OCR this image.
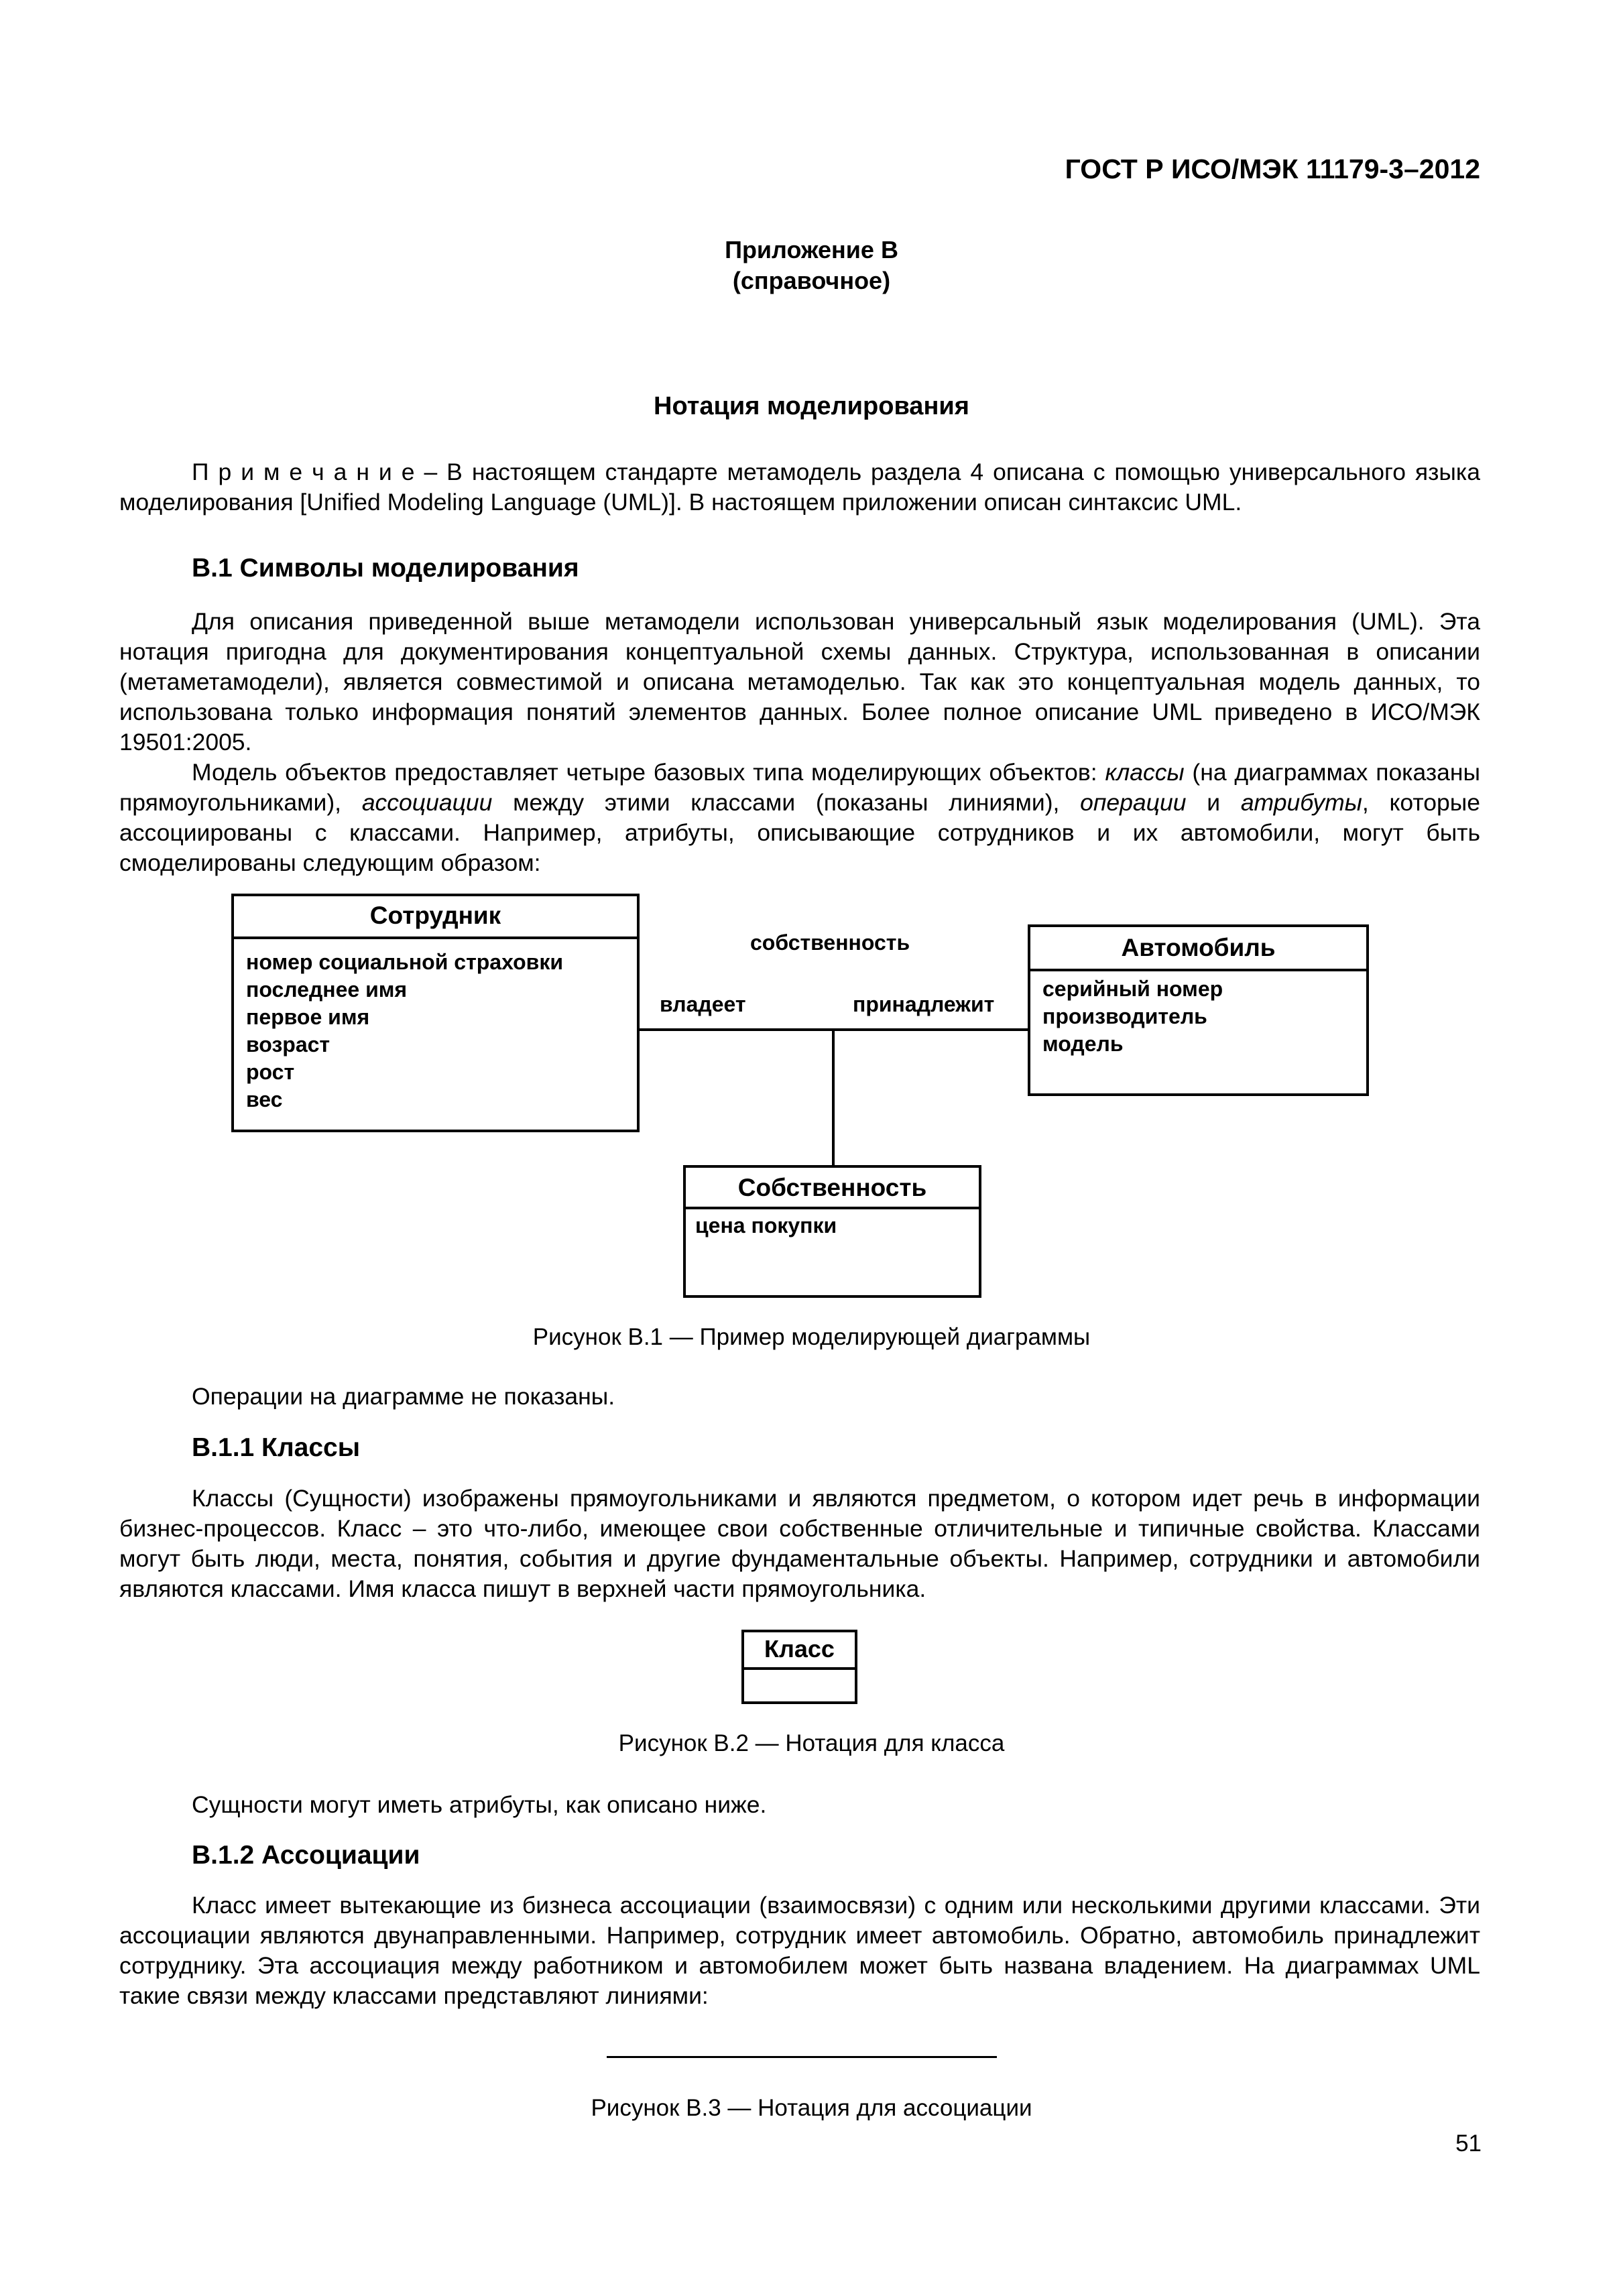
ГОСТ Р ИСО/МЭК 11179-3–2012
Приложение В
(справочное)
Нотация моделирования

П р и м е ч а н и е – В настоящем стандарте метамодель раздела 4 описана с помощью универсального языка моделирования [Unified Modeling Language (UML)]. В настоящем приложении описан синтаксис UML.

В.1 Символы моделирования

Для описания приведенной выше метамодели использован универсальный язык моделирования (UML). Эта нотация пригодна для документирования концептуальной схемы данных. Структура, использованная в описании (метаметамодели), является совместимой и описана метамоделью. Так как это концептуальная модель данных, то использована только информация понятий элементов данных. Более полное описание UML приведено в ИСО/МЭК 19501:2005.

Модель объектов предоставляет четыре базовых типа моделирующих объектов: классы (на диаграммах показаны прямоугольниками), ассоциации между этими классами (показаны линиями), операции и атрибуты, которые ассоциированы с классами. Например, атрибуты, описывающие сотрудников и их автомобили, могут быть смоделированы следующим образом:

Сотрудник
номер социальной страховки
последнее имя
первое имя
возраст
рост
вес
Автомобиль
серийный номер
производитель
модель
Собственность
цена покупки
собственность
владеет	принадлежит
Рисунок В.1 — Пример моделирующей диаграммы
Операции на диаграмме не показаны.
В.1.1 Классы

Классы (Сущности) изображены прямоугольниками и являются предметом, о котором идет речь в информации бизнес-процессов. Класс – это что-либо, имеющее свои собственные отличительные и типичные свойства. Классами могут быть люди, места, понятия, события и другие фундаментальные объекты. Например, сотрудники и автомобили являются классами. Имя класса пишут в верхней части прямоугольника.

Класс
Рисунок В.2 — Нотация для класса
Сущности могут иметь атрибуты, как описано ниже.
В.1.2 Ассоциации

Класс имеет вытекающие из бизнеса ассоциации (взаимосвязи) с одним или несколькими другими классами. Эти ассоциации являются двунаправленными. Например, сотрудник имеет автомобиль. Обратно, автомобиль принадлежит сотруднику. Эта ассоциация между работником и автомобилем может быть названа владением. На диаграммах UML такие связи между классами представляют линиями:

Рисунок В.3 — Нотация для ассоциации
51
